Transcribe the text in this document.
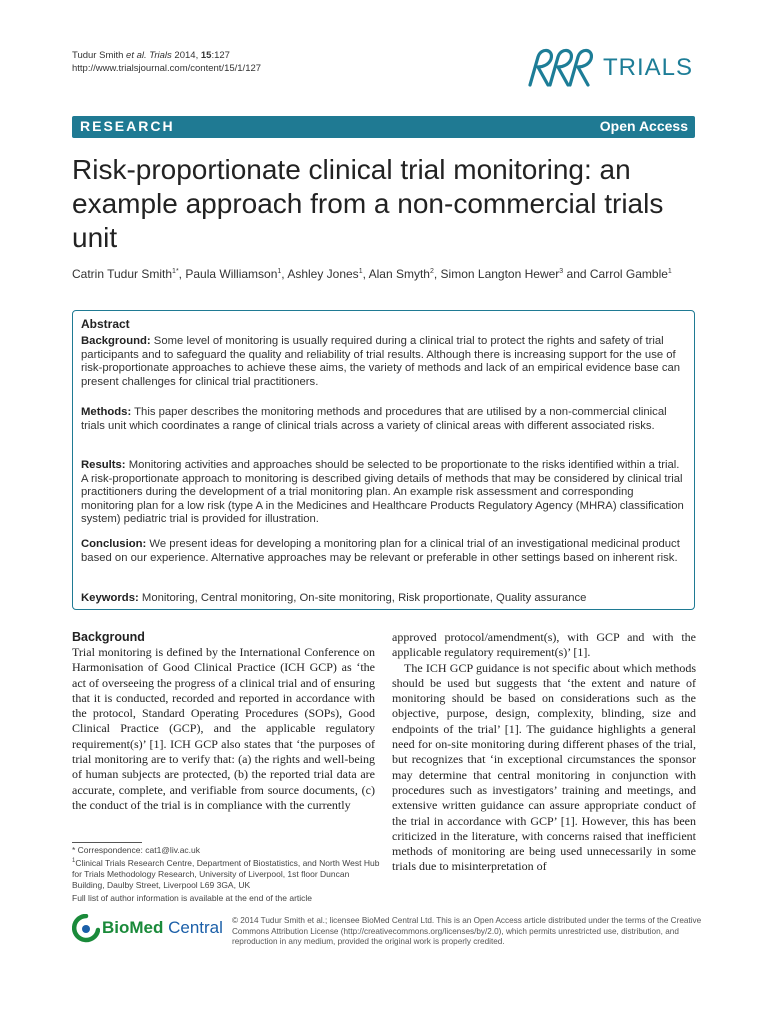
Tudur Smith et al. Trials 2014, 15:127
http://www.trialsjournal.com/content/15/1/127	TRIALS
RESEARCH	Open Access
Risk-proportionate clinical trial monitoring: an
example approach from a non-commercial trials
unit
Catrin Tudur Smith$^{1*}$, Paula Williamson$^1$, Ashley Jones$^1$, Alan Smyth$^2$, Simon Langton Hewer$^3$ and Carrol Gamble$^1$
Abstract
Background: Some level of monitoring is usually required during a clinical trial to protect the rights and safety of trial participants and to safeguard the quality and reliability of trial results. Although there is increasing support for the use of risk-proportionate approaches to achieve these aims, the variety of methods and lack of an empirical evidence base can present challenges for clinical trial practitioners.
Methods: This paper describes the monitoring methods and procedures that are utilised by a non-commercial clinical trials unit which coordinates a range of clinical trials across a variety of clinical areas with different associated risks.
Results: Monitoring activities and approaches should be selected to be proportionate to the risks identified within a trial. A risk-proportionate approach to monitoring is described giving details of methods that may be considered by clinical trial practitioners during the development of a trial monitoring plan. An example risk assessment and corresponding monitoring plan for a low risk (type A in the Medicines and Healthcare Products Regulatory Agency (MHRA) classification system) pediatric trial is provided for illustration.
Conclusion: We present ideas for developing a monitoring plan for a clinical trial of an investigational medicinal product based on our experience. Alternative approaches may be relevant or preferable in other settings based on inherent risk.
Keywords: Monitoring, Central monitoring, On-site monitoring, Risk proportionate, Quality assurance
Background
Trial monitoring is defined by the International Conference on Harmonisation of Good Clinical Practice (ICH GCP) as ‘the act of overseeing the progress of a clinical trial and of ensuring that it is conducted, recorded and reported in accordance with the protocol, Standard Operating Procedures (SOPs), Good Clinical Practice (GCP), and the applicable regulatory requirement(s)’ [1]. ICH GCP also states that ‘the purposes of trial monitoring are to verify that: (a) the rights and well-being of human subjects are protected, (b) the reported trial data are accurate, complete, and verifiable from source documents, (c) the conduct of the trial is in compliance with the currently
approved protocol/amendment(s), with GCP and with the applicable regulatory requirement(s)’ [1].
The ICH GCP guidance is not specific about which methods should be used but suggests that ‘the extent and nature of monitoring should be based on considerations such as the objective, purpose, design, complexity, blinding, size and endpoints of the trial’ [1]. The guidance highlights a general need for on-site monitoring during different phases of the trial, but recognizes that ‘in exceptional circumstances the sponsor may determine that central monitoring in conjunction with procedures such as investigators’ training and meetings, and extensive written guidance can assure appropriate conduct of the trial in accordance with GCP’ [1]. However, this has been criticized in the literature, with concerns raised that inefficient methods of monitoring are being used unnecessarily in some trials due to misinterpretation of
* Correspondence: cat1@liv.ac.uk
$^1$Clinical Trials Research Centre, Department of Biostatistics, and North West Hub for Trials Methodology Research, University of Liverpool, 1st floor Duncan Building, Daulby Street, Liverpool L69 3GA, UK
Full list of author information is available at the end of the article
BioMed Central © 2014 Tudur Smith et al.; licensee BioMed Central Ltd. This is an Open Access article distributed under the terms of the Creative Commons Attribution License (http://creativecommons.org/licenses/by/2.0), which permits unrestricted use, distribution, and reproduction in any medium, provided the original work is properly credited.
